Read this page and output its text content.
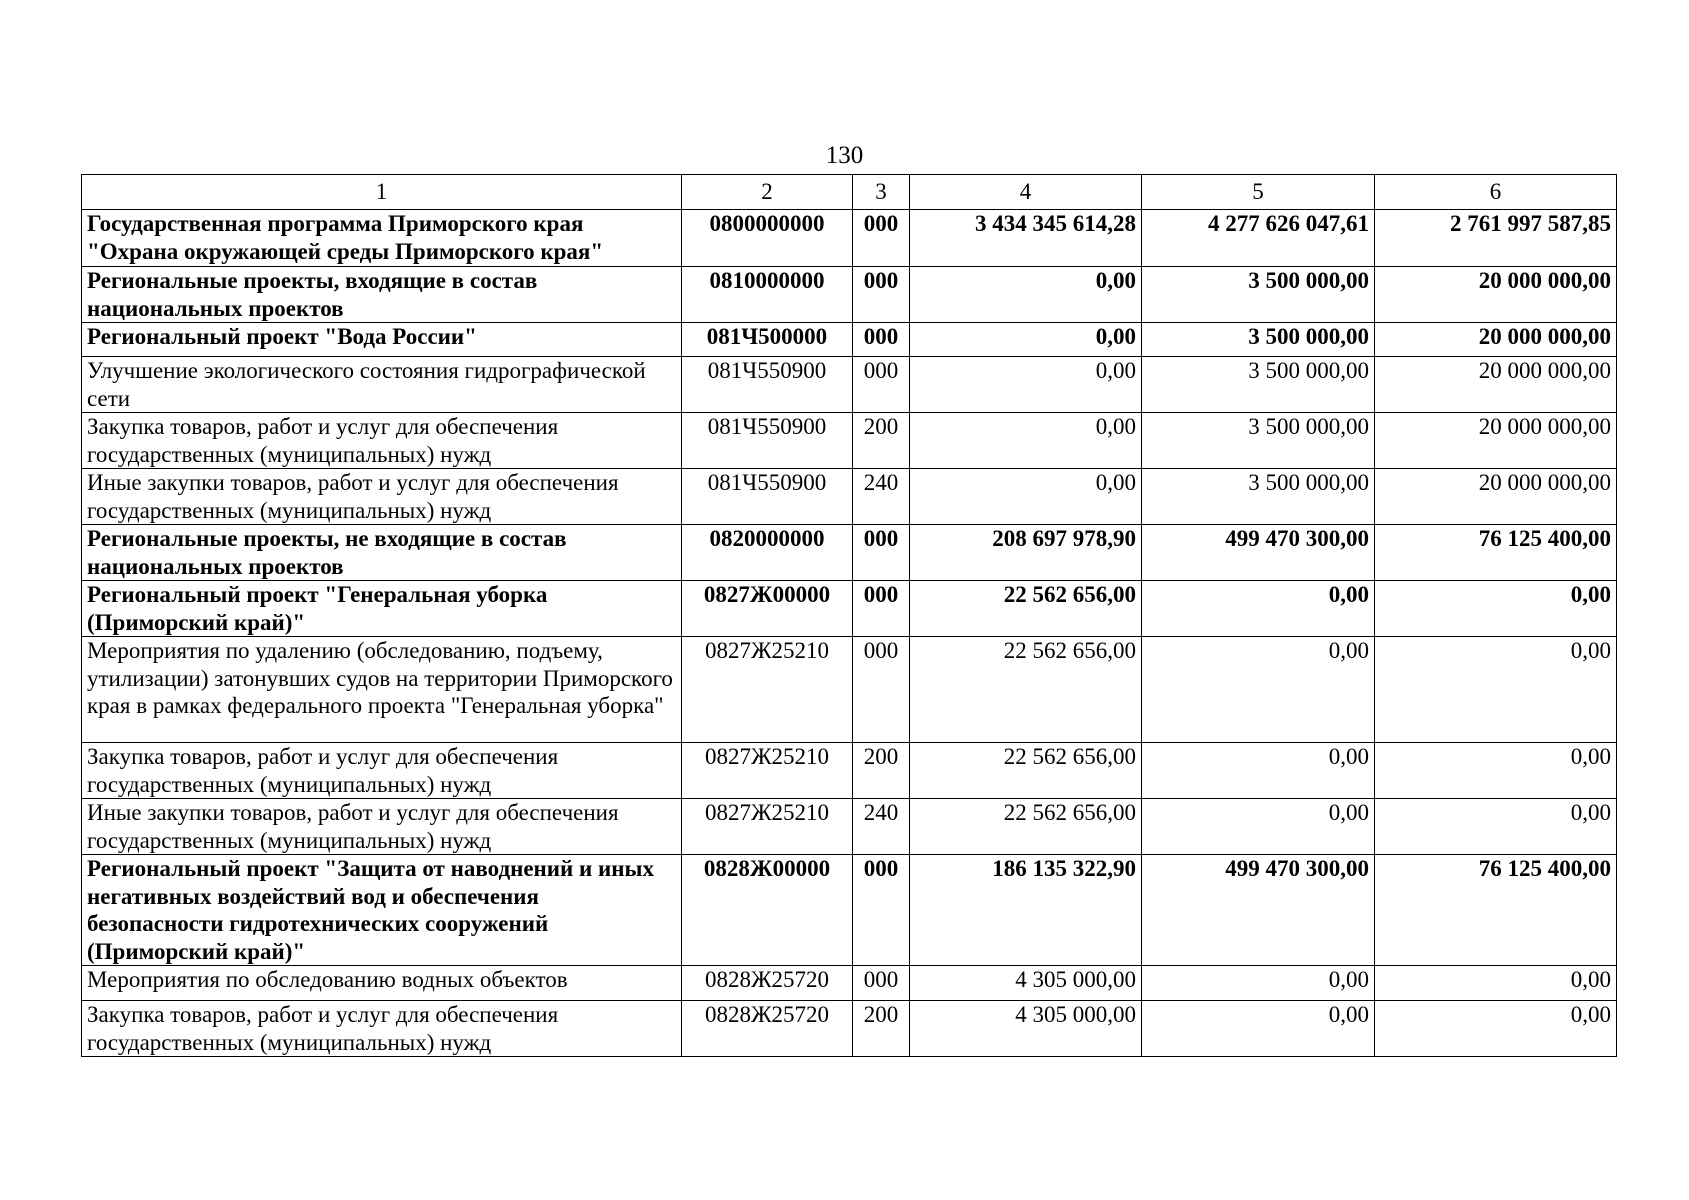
130
1	2	3	4	5	6
Государственная программа Приморского края "Охрана окружающей среды Приморского края"	0800000000	000	3 434 345 614,28	4 277 626 047,61	2 761 997 587,85
Региональные проекты, входящие в состав национальных проектов	0810000000	000	0,00	3 500 000,00	20 000 000,00
Региональный проект "Вода России"	081Ч500000	000	0,00	3 500 000,00	20 000 000,00
Улучшение экологического состояния гидрографической сети	081Ч550900	000	0,00	3 500 000,00	20 000 000,00
Закупка товаров, работ и услуг для обеспечения государственных (муниципальных) нужд	081Ч550900	200	0,00	3 500 000,00	20 000 000,00
Иные закупки товаров, работ и услуг для обеспечения государственных (муниципальных) нужд	081Ч550900	240	0,00	3 500 000,00	20 000 000,00
Региональные проекты, не входящие в состав национальных проектов	0820000000	000	208 697 978,90	499 470 300,00	76 125 400,00
Региональный проект "Генеральная уборка (Приморский край)"	0827Ж00000	000	22 562 656,00	0,00	0,00
Мероприятия по удалению (обследованию, подъему, утилизации) затонувших судов на территории Приморского края в рамках федерального проекта "Генеральная уборка"	0827Ж25210	000	22 562 656,00	0,00	0,00
Закупка товаров, работ и услуг для обеспечения государственных (муниципальных) нужд	0827Ж25210	200	22 562 656,00	0,00	0,00
Иные закупки товаров, работ и услуг для обеспечения государственных (муниципальных) нужд	0827Ж25210	240	22 562 656,00	0,00	0,00
Региональный проект "Защита от наводнений и иных негативных воздействий вод и обеспечения безопасности гидротехнических сооружений (Приморский край)"	0828Ж00000	000	186 135 322,90	499 470 300,00	76 125 400,00
Мероприятия по обследованию водных объектов	0828Ж25720	000	4 305 000,00	0,00	0,00
Закупка товаров, работ и услуг для обеспечения государственных (муниципальных) нужд	0828Ж25720	200	4 305 000,00	0,00	0,00
